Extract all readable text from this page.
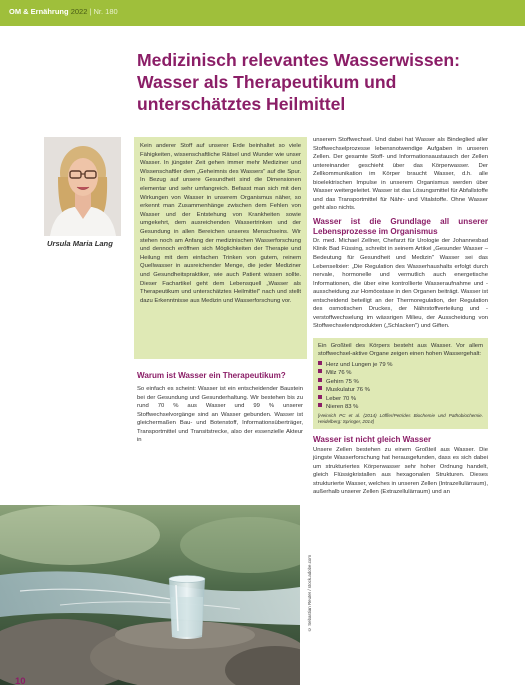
OM & Ernährung 2022 | Nr. 180
Medizinisch relevantes Wasserwissen: Wasser als Therapeutikum und unterschätztes Heilmittel
Ursula Maria Lang

Kein anderer Stoff auf unserer Erde beinhaltet so viele Fähigkeiten, wissenschaftliche Rätsel und Wunder wie unser Wasser. In jüngster Zeit gehen immer mehr Mediziner und Wissenschaftler dem „Geheimnis des Wassers" auf die Spur. In Bezug auf unsere Gesundheit sind die Dimensionen elementar und sehr umfangreich. Befasst man sich mit den Wirkungen von Wasser in unserem Organismus näher, so erkennt man Zusammenhänge zwischen dem Fehlen von Wasser und der Entstehung von Krankheiten sowie umgekehrt, dem ausreichenden Wassertrinken und der Gesundung in allen Bereichen unseres Menschseins. Wir stehen noch am Anfang der medizinischen Wasserforschung und dennoch eröffnen sich Möglichkeiten der Therapie und Heilung mit dem einfachen Trinken von gutem, reinem Quellwasser in ausreichender Menge, die jeder Mediziner und Gesundheitspraktiker, wie auch Patient wissen sollte. Dieser Fachartikel geht dem Lebensquell „Wasser als Therapeutikum und unterschätztes Heilmittel" nach und stellt dazu Erkenntnisse aus Medizin und Wasserforschung vor.

Warum ist Wasser ein Therapeutikum?

So einfach es scheint: Wasser ist ein entscheidender Baustein bei der Gesundung und Gesunderhaltung. Wir bestehen bis zu rund 70 % aus Wasser und 99 % unserer Stoffwechselvorgänge sind an Wasser gebunden. Wasser ist gleichermaßen Bau- und Botenstoff, Informationsüberträger, Transportmittel und Transitstrecke, also der essenzielle Akteur in

unserem Stoffwechsel. Und dabei hat Wasser als Bindeglied aller Stoffwechselprozesse lebensnotwendige Aufgaben in unseren Zellen. Der gesamte Stoff- und Informationsaustausch der Zellen untereinander geschieht über das Körperwasser. Der Zellkommunikation im Körper braucht Wasser, d.h. alle bioelektrischen Impulse in unserem Organismus werden über Wasser weitergeleitet. Wasser ist das Lösungsmittel für Abfallstoffe und das Transportmittel für Nähr- und Vitalstoffe. Ohne Wasser geht also nichts.

Wasser ist die Grundlage all unserer Lebensprozesse im Organismus

Dr. med. Michael Zellner, Chefarzt für Urologie der Johannesbad Klinik Bad Füssing, schreibt in seinem Artikel „Gesunder Wasser – Bedeutung für Gesundheit und Medizin" Wasser sei das Lebenselixier: „Die Regulation des Wasserhaushalts erfolgt durch nervale, hormonelle und vermutlich auch energetische Informationen, die über eine kontrollierte Wasseraufnahme und -ausscheidung zur Homöostase in den Organen beiträgt. Wasser ist entscheidend beteiligt an der Thermoregulation, der Regulation des osmotischen Druckes, der Nährstoffverteilung und -verstoffwechselung im wässrigen Milieu, der Ausscheidung von Stoffwechselendprodukten („Schlacken") und Giften.

Ein Großteil des Körpers besteht aus Wasser. Vor allem stoffwechsel-aktive Organe zeigen einen hohen Wassergehalt:

Herz und Lungen je 79 %
Milz 76 %
Gehirn 75 %
Muskulatur 76 %
Leber 70 %
Nieren 83 %

[Heinrich PC et al. (2014) Löffler/Petrides Biochemie und Pathobiochemie. Heidelberg: Springer, 2014]

Wasser ist nicht gleich Wasser

Unsere Zellen bestehen zu einem Großteil aus Wasser. Die jüngste Wasserforschung hat herausgefunden, dass es sich dabei um strukturiertes Körperwasser sehr hoher Ordnung handelt, gleich Flüssigkristallen aus hexagonalen Strukturen. Dieses strukturierte Wasser, welches in unseren Zellen (Intrazellulärraum), außerhalb unserer Zellen (Extrazellulärraum) und an

© Sebastian Reuter / stock.adobe.com
10
